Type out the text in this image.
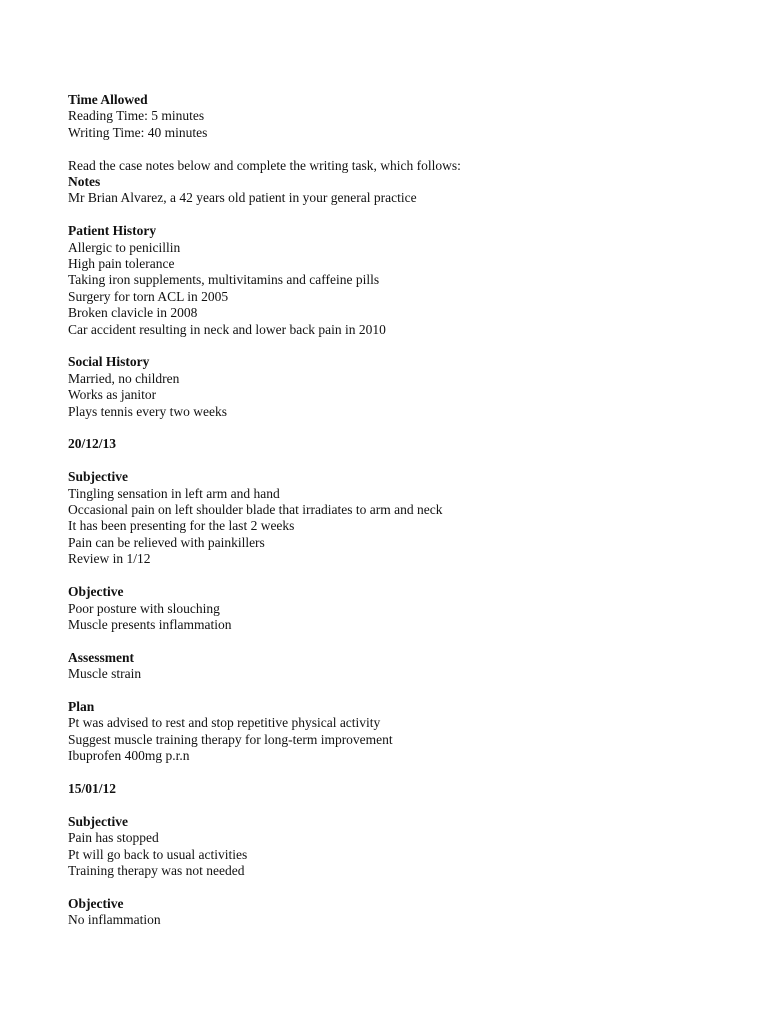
Time Allowed
Reading Time: 5 minutes
Writing Time: 40 minutes
Read the case notes below and complete the writing task, which follows:
Notes
Mr Brian Alvarez, a 42 years old patient in your general practice
Patient History
Allergic to penicillin
High pain tolerance
Taking iron supplements, multivitamins and caffeine pills
Surgery for torn ACL in 2005
Broken clavicle in 2008
Car accident resulting in neck and lower back pain in 2010
Social History
Married, no children
Works as janitor
Plays tennis every two weeks
20/12/13
Subjective
Tingling sensation in left arm and hand
Occasional pain on left shoulder blade that irradiates to arm and neck
It has been presenting for the last 2 weeks
Pain can be relieved with painkillers
Review in 1/12
Objective
Poor posture with slouching
Muscle presents inflammation
Assessment
Muscle strain
Plan
Pt was advised to rest and stop repetitive physical activity
Suggest muscle training therapy for long-term improvement
Ibuprofen 400mg p.r.n
15/01/12
Subjective
Pain has stopped
Pt will go back to usual activities
Training therapy was not needed
Objective
No inflammation
